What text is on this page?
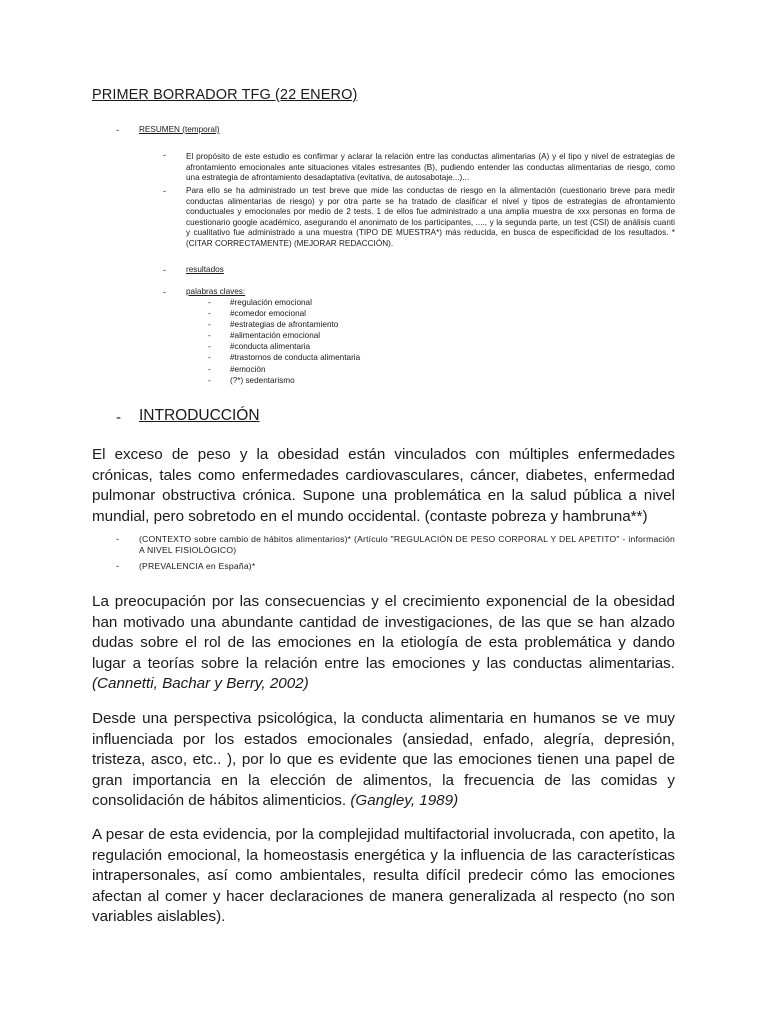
PRIMER BORRADOR TFG (22 ENERO)
- RESUMEN (temporal)
- El propósito de este estudio es confirmar y aclarar la relación entre las conductas alimentarias (A) y el tipo y nivel de estrategias de afrontamiento emocionales ante situaciones vitales estresantes (B), pudiendo entender las conductas alimentarias de riesgo, como una estrategia de afrontamiento desadaptativa (evitativa, de autosabotaje...)...
- Para ello se ha administrado un test breve que mide las conductas de riesgo en la alimentación (cuestionario breve para medir conductas alimentarias de riesgo) y por otra parte se ha tratado de clasificar el nivel y tipos de estrategias de afrontamiento conductuales y emocionales por medio de 2 tests. 1 de ellos fue administrado a una amplia muestra de xxx personas en forma de cuestionario google académico, asegurando el anonimato de los participantes, ...., y la segunda parte, un test (CSI) de análisis cuanti y cualitativo fue administrado a una muestra (TIPO DE MUESTRA*) más reducida, en busca de especificidad de los resultados. *(CITAR CORRECTAMENTE) (MEJORAR REDACCIÓN).
- resultados
- palabras claves:
- #regulación emocional
- #comedor emocional
- #estrategias de afrontamiento
- #alimentación emocional
- #conducta alimentaria
- #trastornos de conducta alimentaria
- #emoción
- (?*) sedentarismo
- INTRODUCCIÓN

El exceso de peso y la obesidad están vinculados con múltiples enfermedades crónicas, tales como enfermedades cardiovasculares, cáncer, diabetes, enfermedad pulmonar obstructiva crónica. Supone una problemática en la salud pública a nivel mundial, pero sobretodo en el mundo occidental. (contaste pobreza y hambruna**)

- (CONTEXTO sobre cambio de hábitos alimentarios)* (Artículo "REGULACIÓN DE PESO CORPORAL Y DEL APETITO" - información A NIVEL FISIOLÓGICO)
- (PREVALENCIA en España)*

La preocupación por las consecuencias y el crecimiento exponencial de la obesidad han motivado una abundante cantidad de investigaciones, de las que se han alzado dudas sobre el rol de las emociones en la etiología de esta problemática y dando lugar a teorías sobre la relación entre las emociones y las conductas alimentarias. (Cannetti, Bachar y Berry, 2002)

Desde una perspectiva psicológica, la conducta alimentaria en humanos se ve muy influenciada por los estados emocionales (ansiedad, enfado, alegría, depresión, tristeza, asco, etc.. ), por lo que es evidente que las emociones tienen una papel de gran importancia en la elección de alimentos, la frecuencia de las comidas y consolidación de hábitos alimenticios. (Gangley, 1989)

A pesar de esta evidencia, por la complejidad multifactorial involucrada, con apetito, la regulación emocional, la homeostasis energética y la influencia de las características intrapersonales, así como ambientales, resulta difícil predecir cómo las emociones afectan al comer y hacer declaraciones de manera generalizada al respecto (no son variables aislables).
